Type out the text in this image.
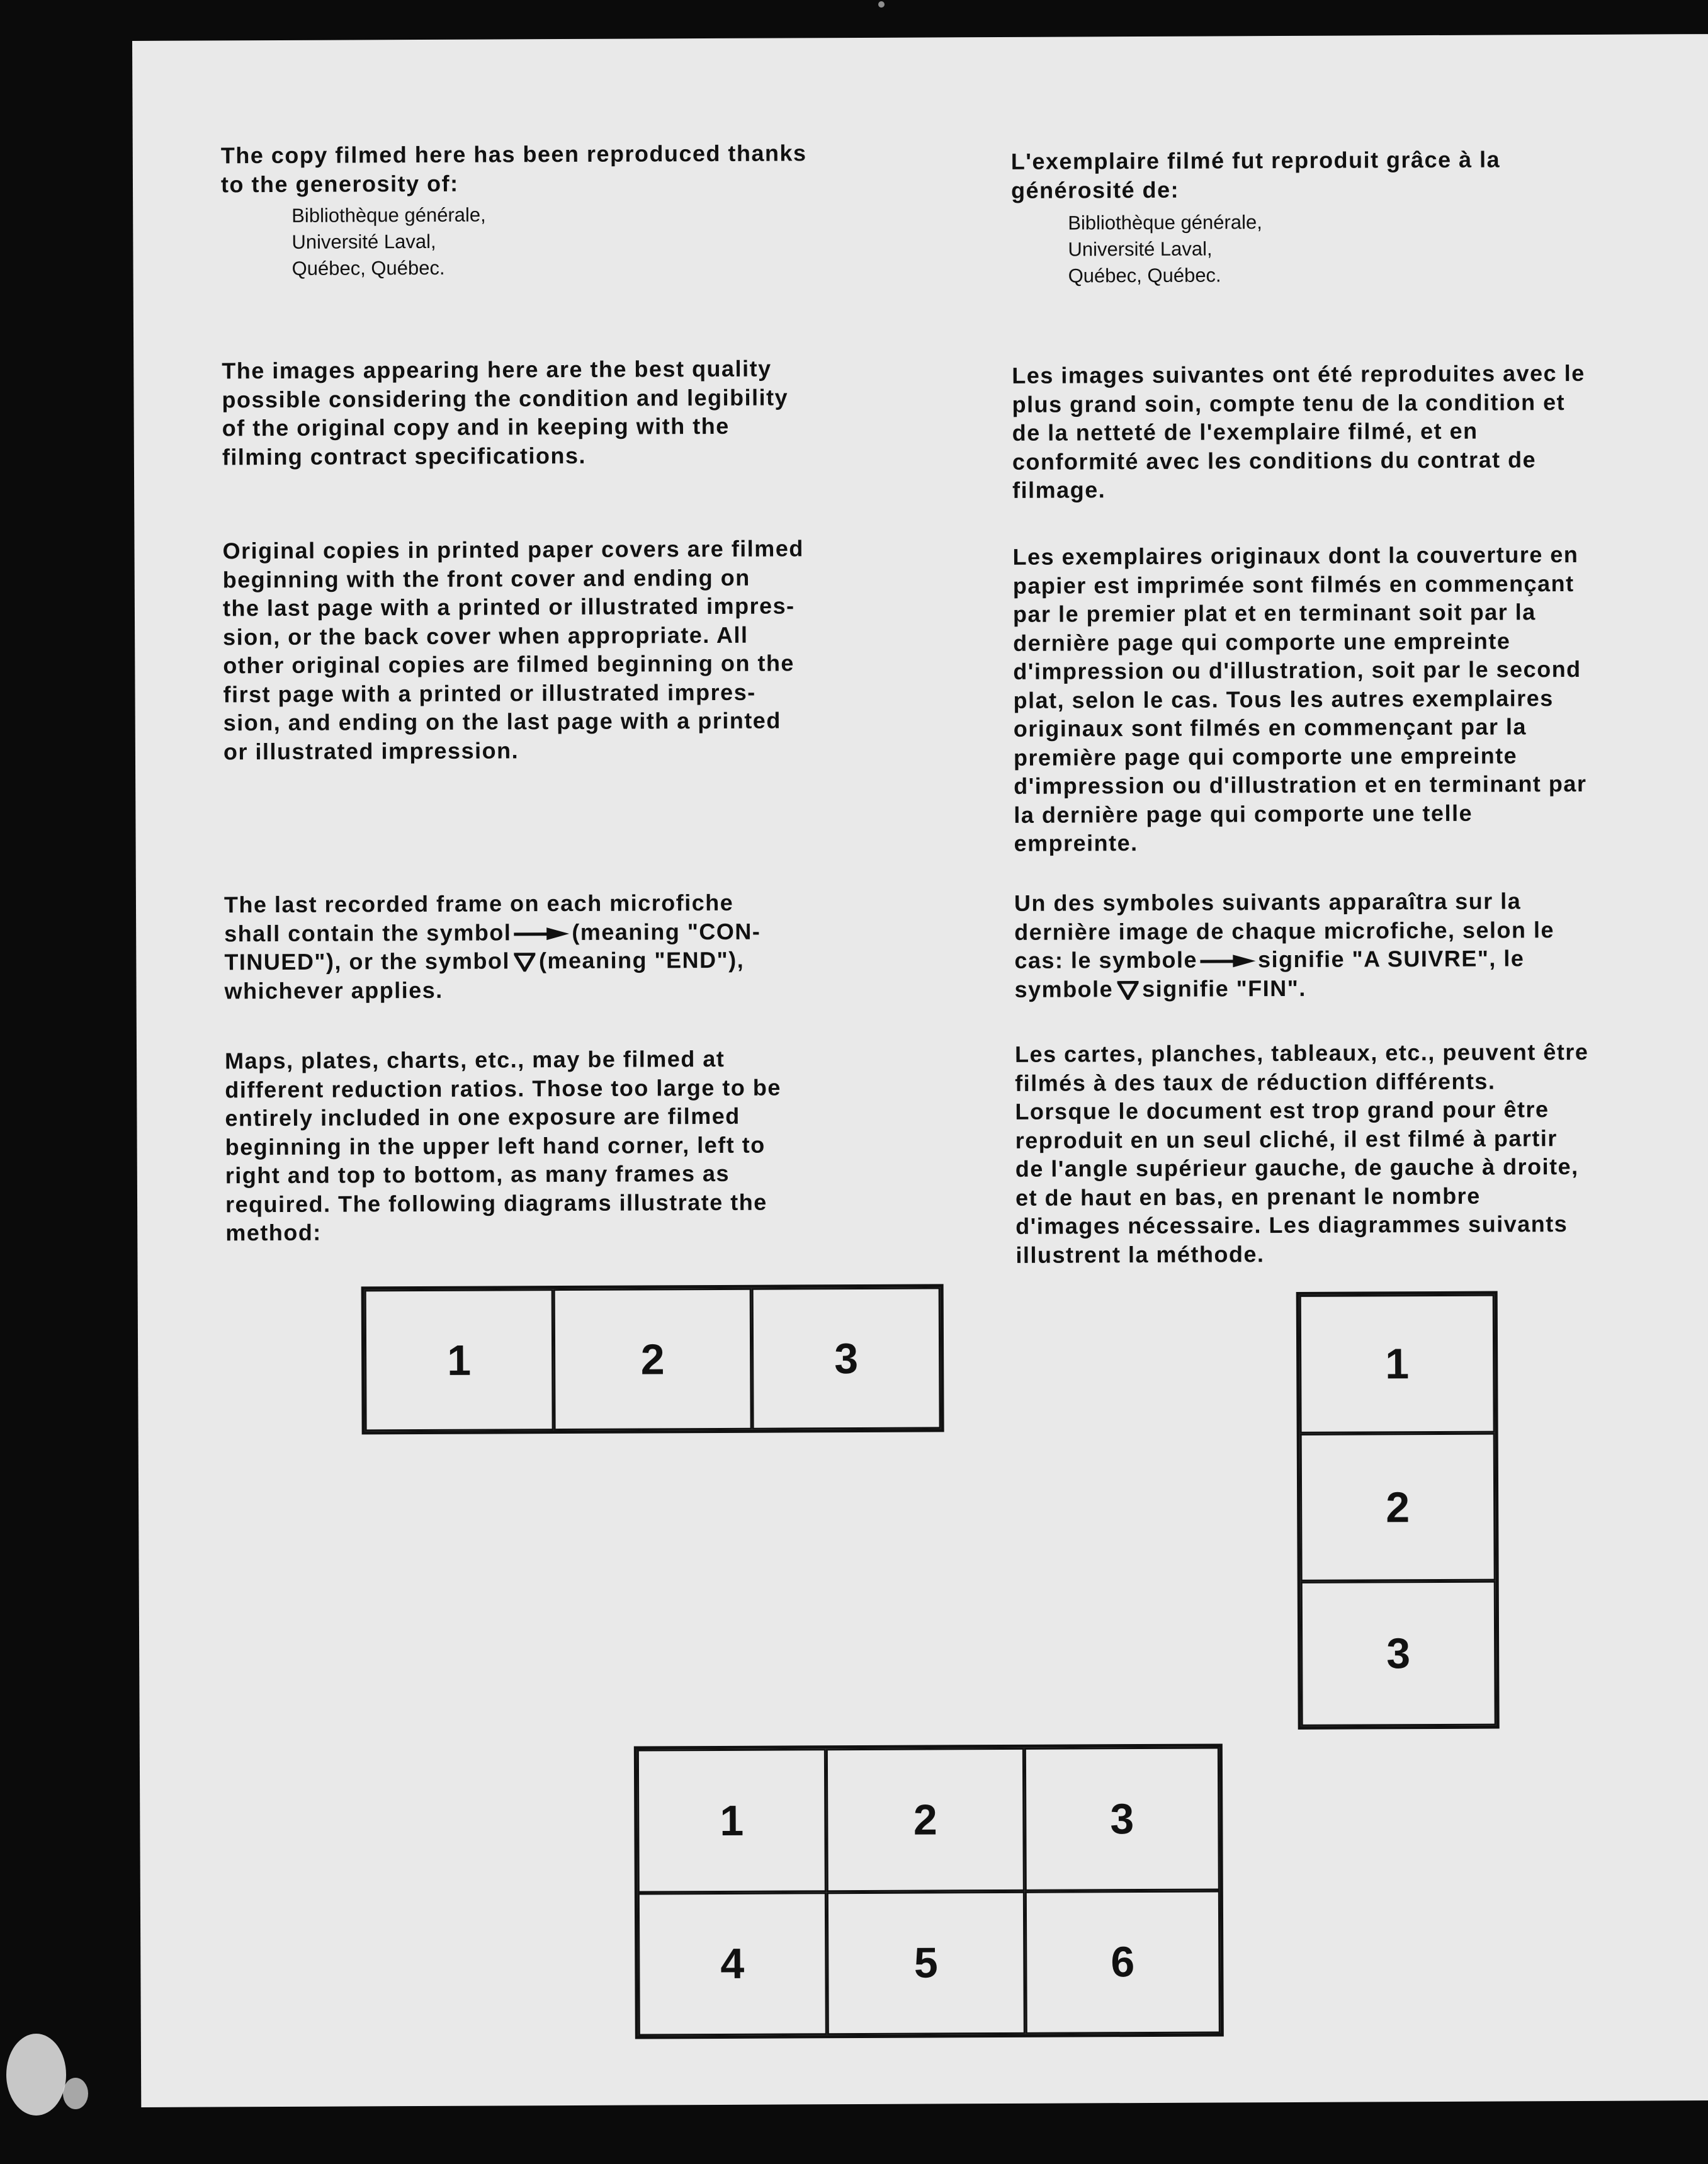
The copy filmed here has been reproduced thanks
to the generosity of:

Bibliothèque générale,
Université Laval,
Québec, Québec.

The images appearing here are the best quality
possible considering the condition and legibility
of the original copy and in keeping with the
filming contract specifications.

Original copies in printed paper covers are filmed
beginning with the front cover and ending on
the last page with a printed or illustrated impres-
sion, or the back cover when appropriate. All
other original copies are filmed beginning on the
first page with a printed or illustrated impres-
sion, and ending on the last page with a printed
or illustrated impression.

The last recorded frame on each microfiche
shall contain the symbol	(meaning "CON-
TINUED"), or the symbol (meaning "END"),
whichever applies.

Maps, plates, charts, etc., may be filmed at
different reduction ratios. Those too large to be
entirely included in one exposure are filmed
beginning in the upper left hand corner, left to
right and top to bottom, as many frames as
required. The following diagrams illustrate the
method:

L'exemplaire filmé fut reproduit grâce à la
générosité de:

Bibliothèque générale,
Université Laval,
Québec, Québec.

Les images suivantes ont été reproduites avec le
plus grand soin, compte tenu de la condition et
de la netteté de l'exemplaire filmé, et en
conformité avec les conditions du contrat de
filmage.

Les exemplaires originaux dont la couverture en
papier est imprimée sont filmés en commençant
par le premier plat et en terminant soit par la
dernière page qui comporte une empreinte
d'impression ou d'illustration, soit par le second
plat, selon le cas. Tous les autres exemplaires
originaux sont filmés en commençant par la
première page qui comporte une empreinte
d'impression ou d'illustration et en terminant par
la dernière page qui comporte une telle
empreinte.

Un des symboles suivants apparaîtra sur la
dernière image de chaque microfiche, selon le
cas: le symbole	signifie "A SUIVRE", le
symbole signifie "FIN".

Les cartes, planches, tableaux, etc., peuvent être
filmés à des taux de réduction différents.
Lorsque le document est trop grand pour être
reproduit en un seul cliché, il est filmé à partir
de l'angle supérieur gauche, de gauche à droite,
et de haut en bas, en prenant le nombre
d'images nécessaire. Les diagrammes suivants
illustrent la méthode.

1	2	3	1
2
3
1	2	3
4	5	6
